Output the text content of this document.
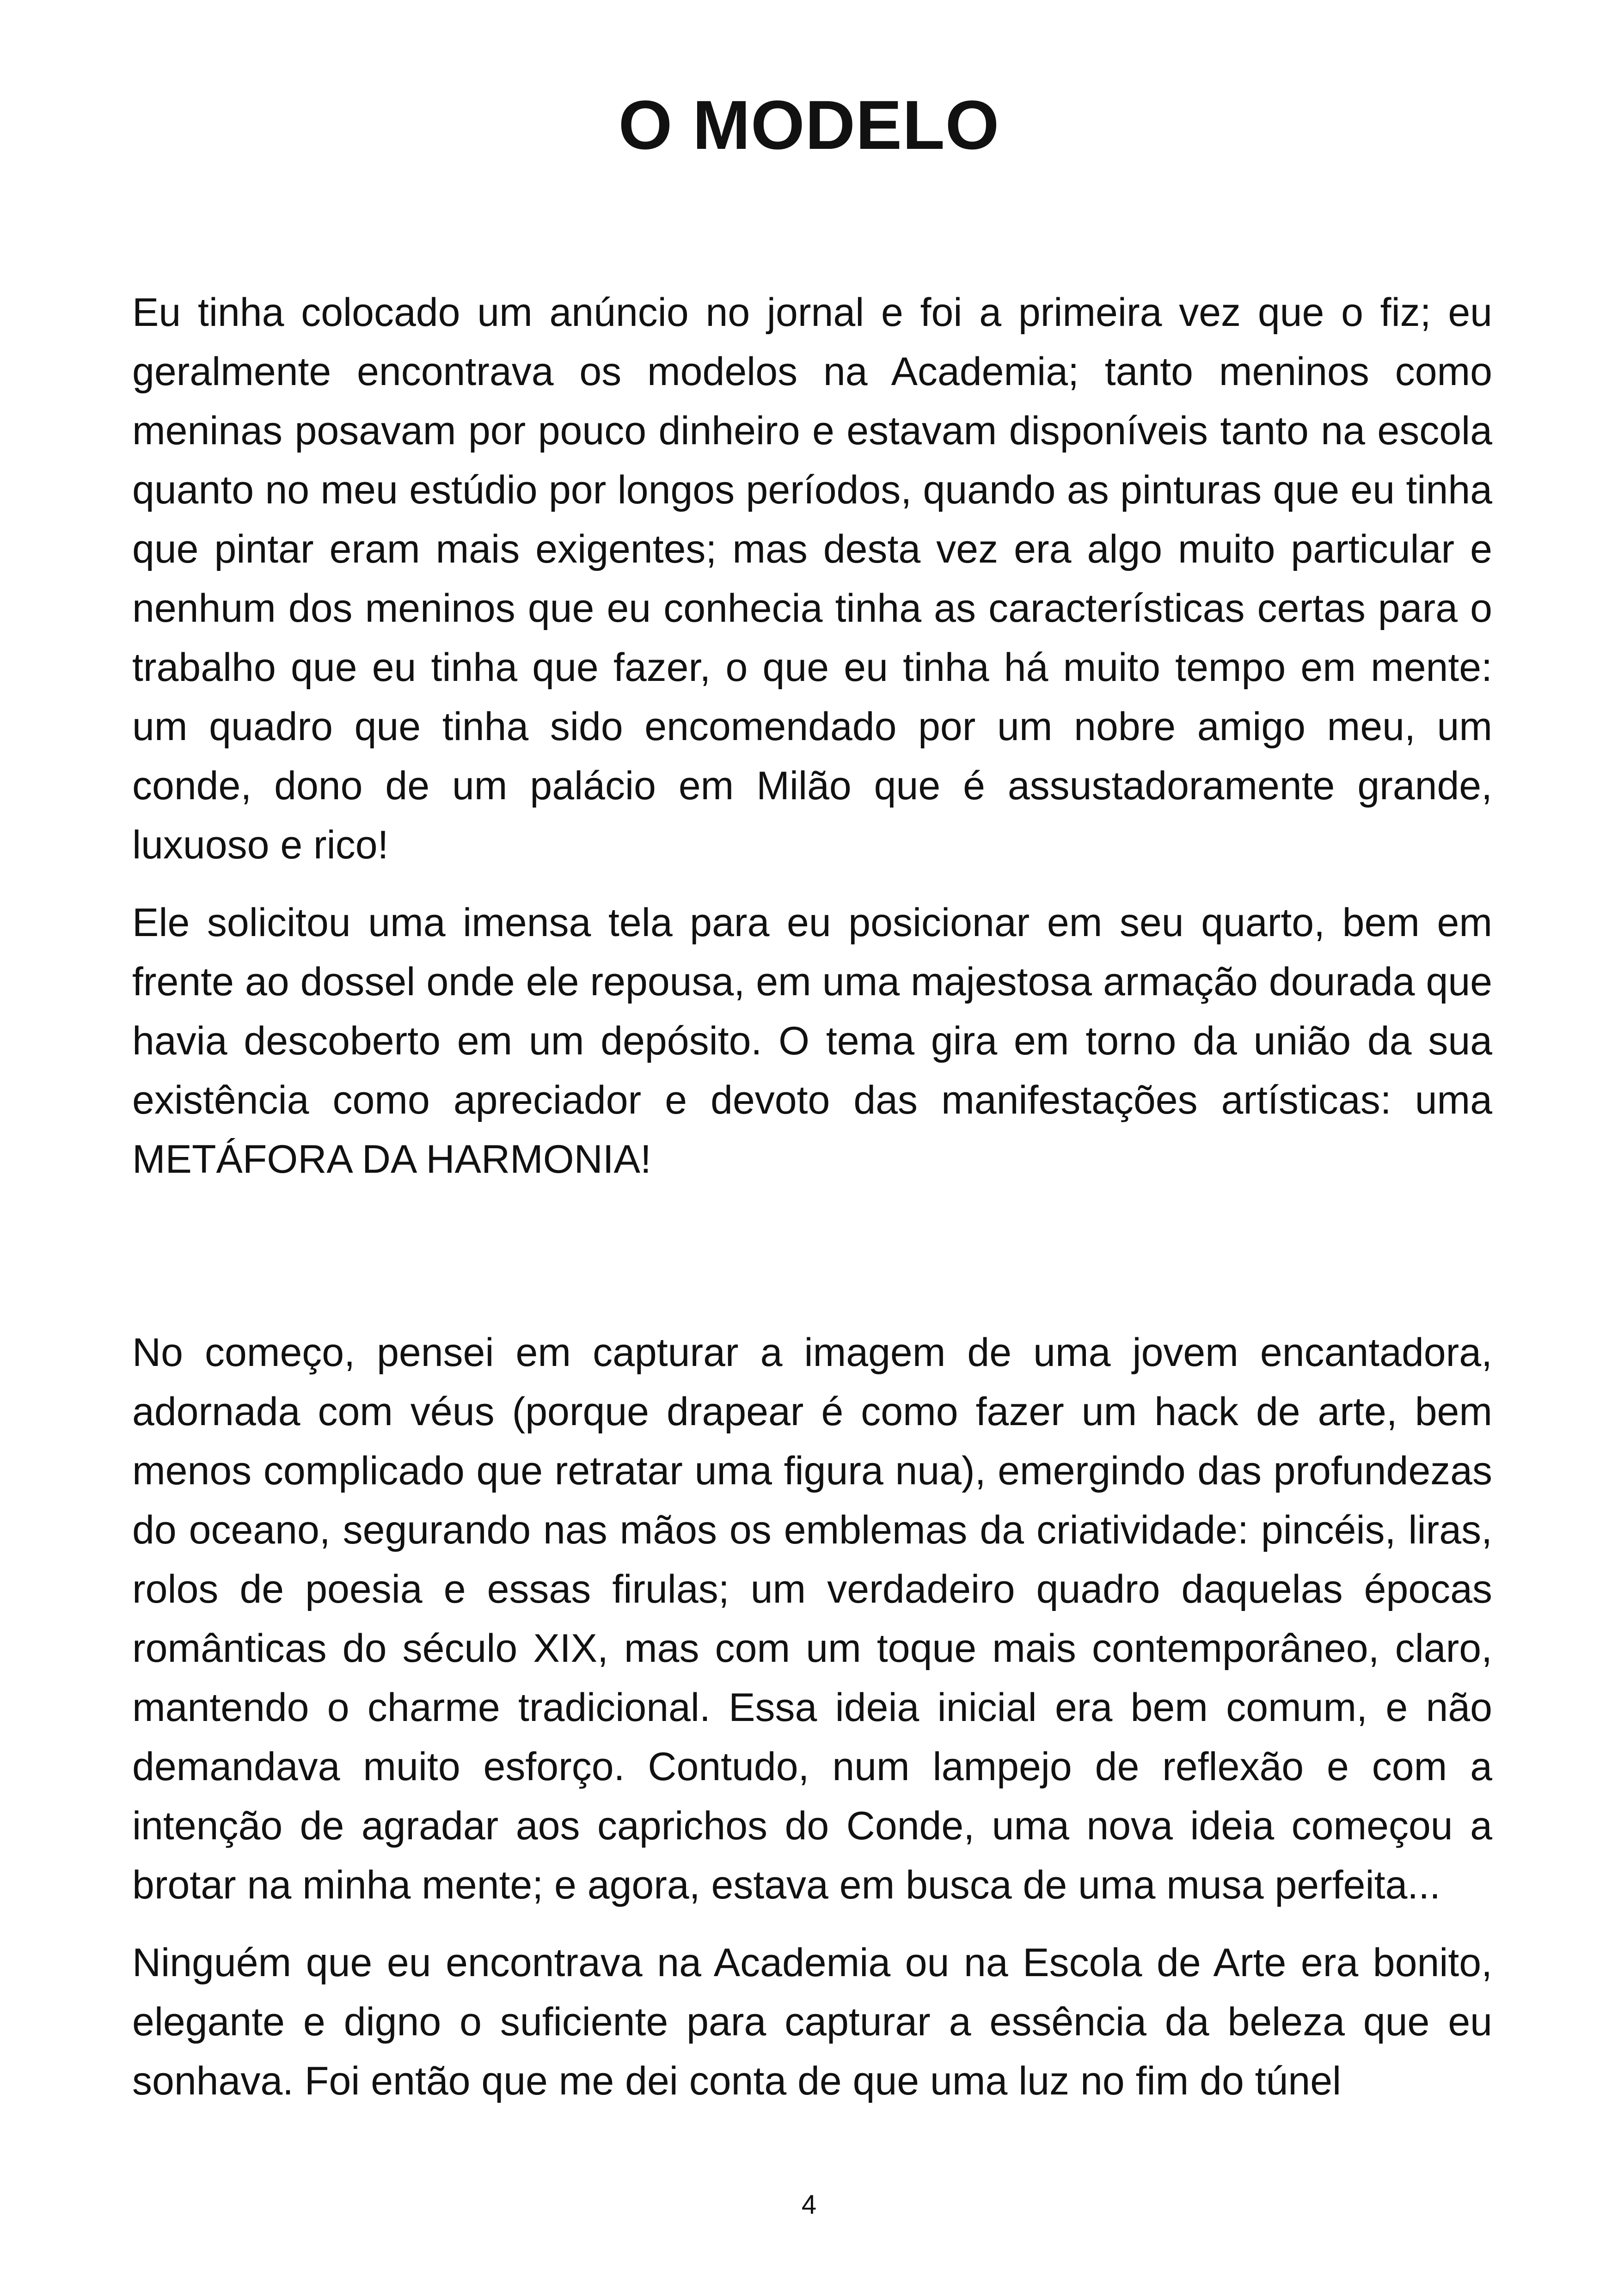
O MODELO

Eu tinha colocado um anúncio no jornal e foi a primeira vez que o fiz; eu geralmente encontrava os modelos na Academia; tanto meninos como meninas posavam por pouco dinheiro e estavam disponíveis tanto na escola quanto no meu estúdio por longos períodos, quando as pinturas que eu tinha que pintar eram mais exigentes; mas desta vez era algo muito particular e nenhum dos meninos que eu conhecia tinha as características certas para o trabalho que eu tinha que fazer, o que eu tinha há muito tempo em mente: um quadro que tinha sido encomendado por um nobre amigo meu, um conde, dono de um palácio em Milão que é assustadoramente grande, luxuoso e rico!

Ele solicitou uma imensa tela para eu posicionar em seu quarto, bem em frente ao dossel onde ele repousa, em uma majestosa armação dourada que havia descoberto em um depósito. O tema gira em torno da união da sua existência como apreciador e devoto das manifestações artísticas: uma METÁFORA DA HARMONIA!

No começo, pensei em capturar a imagem de uma jovem encantadora, adornada com véus (porque drapear é como fazer um hack de arte, bem menos complicado que retratar uma figura nua), emergindo das profundezas do oceano, segurando nas mãos os emblemas da criatividade: pincéis, liras, rolos de poesia e essas firulas; um verdadeiro quadro daquelas épocas românticas do século XIX, mas com um toque mais contemporâneo, claro, mantendo o charme tradicional. Essa ideia inicial era bem comum, e não demandava muito esforço. Contudo, num lampejo de reflexão e com a intenção de agradar aos caprichos do Conde, uma nova ideia começou a brotar na minha mente; e agora, estava em busca de uma musa perfeita...

Ninguém que eu encontrava na Academia ou na Escola de Arte era bonito, elegante e digno o suficiente para capturar a essência da beleza que eu sonhava. Foi então que me dei conta de que uma luz no fim do túnel

4
